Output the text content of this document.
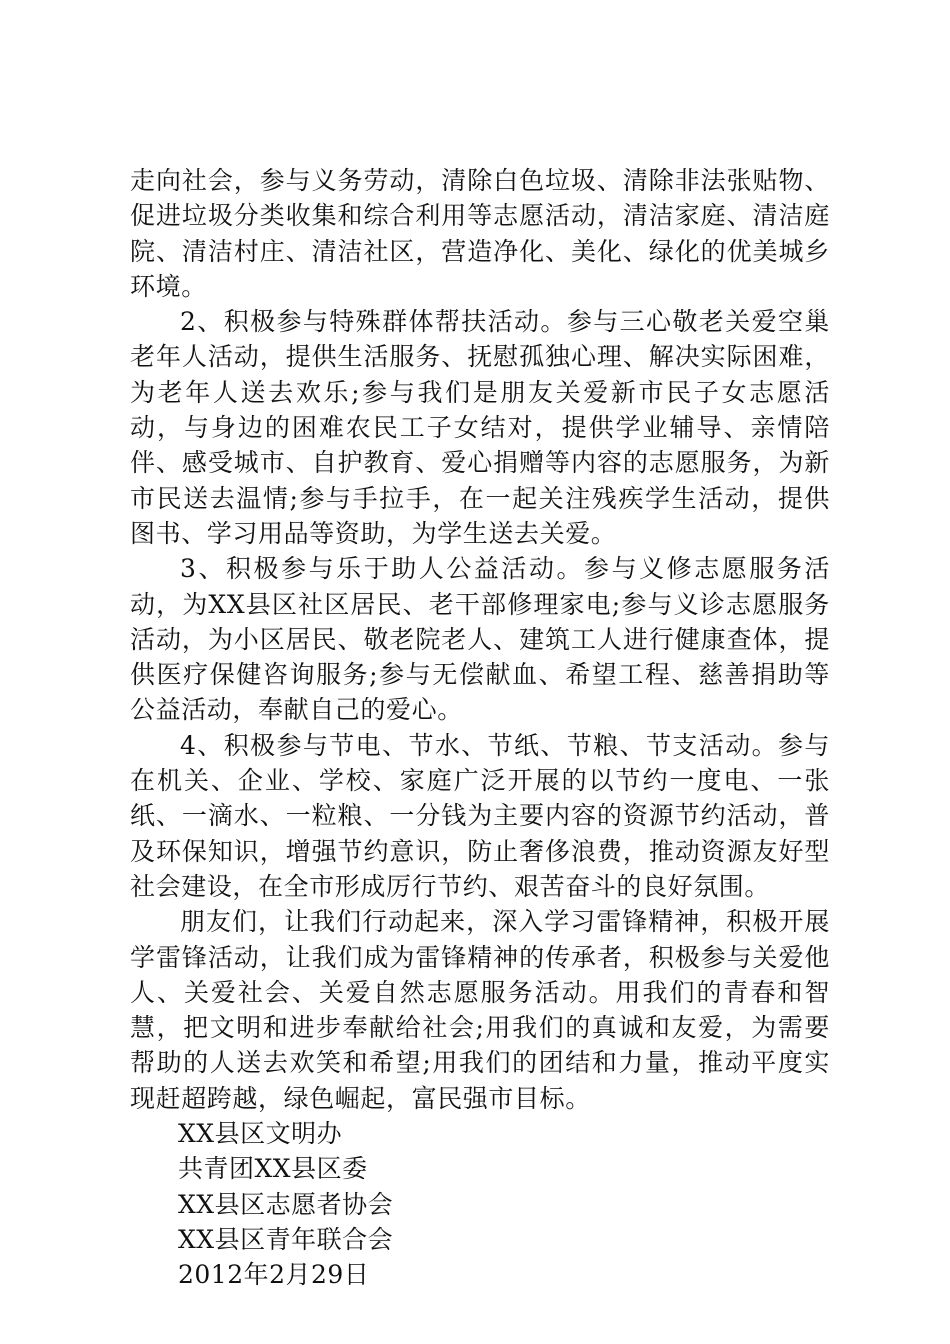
走向社会，参与义务劳动，清除白色垃圾、清除非法张贴物、促进垃圾分类收集和综合利用等志愿活动，清洁家庭、清洁庭院、清洁村庄、清洁社区，营造净化、美化、绿化的优美城乡环境。

2、积极参与特殊群体帮扶活动。参与三心敬老关爱空巢老年人活动，提供生活服务、抚慰孤独心理、解决实际困难，为老年人送去欢乐;参与我们是朋友关爱新市民子女志愿活动，与身边的困难农民工子女结对，提供学业辅导、亲情陪伴、感受城市、自护教育、爱心捐赠等内容的志愿服务，为新市民送去温情;参与手拉手，在一起关注残疾学生活动，提供图书、学习用品等资助，为学生送去关爱。

3、积极参与乐于助人公益活动。参与义修志愿服务活动，为XX县区社区居民、老干部修理家电;参与义诊志愿服务活动，为小区居民、敬老院老人、建筑工人进行健康查体，提供医疗保健咨询服务;参与无偿献血、希望工程、慈善捐助等公益活动，奉献自己的爱心。

4、积极参与节电、节水、节纸、节粮、节支活动。参与在机关、企业、学校、家庭广泛开展的以节约一度电、一张纸、一滴水、一粒粮、一分钱为主要内容的资源节约活动，普及环保知识，增强节约意识，防止奢侈浪费，推动资源友好型社会建设，在全市形成厉行节约、艰苦奋斗的良好氛围。

朋友们，让我们行动起来，深入学习雷锋精神，积极开展学雷锋活动，让我们成为雷锋精神的传承者，积极参与关爱他人、关爱社会、关爱自然志愿服务活动。用我们的青春和智慧，把文明和进步奉献给社会;用我们的真诚和友爱，为需要帮助的人送去欢笑和希望;用我们的团结和力量，推动平度实现赶超跨越，绿色崛起，富民强市目标。

XX县区文明办

共青团XX县区委

XX县区志愿者协会

XX县区青年联合会

2012年2月29日
